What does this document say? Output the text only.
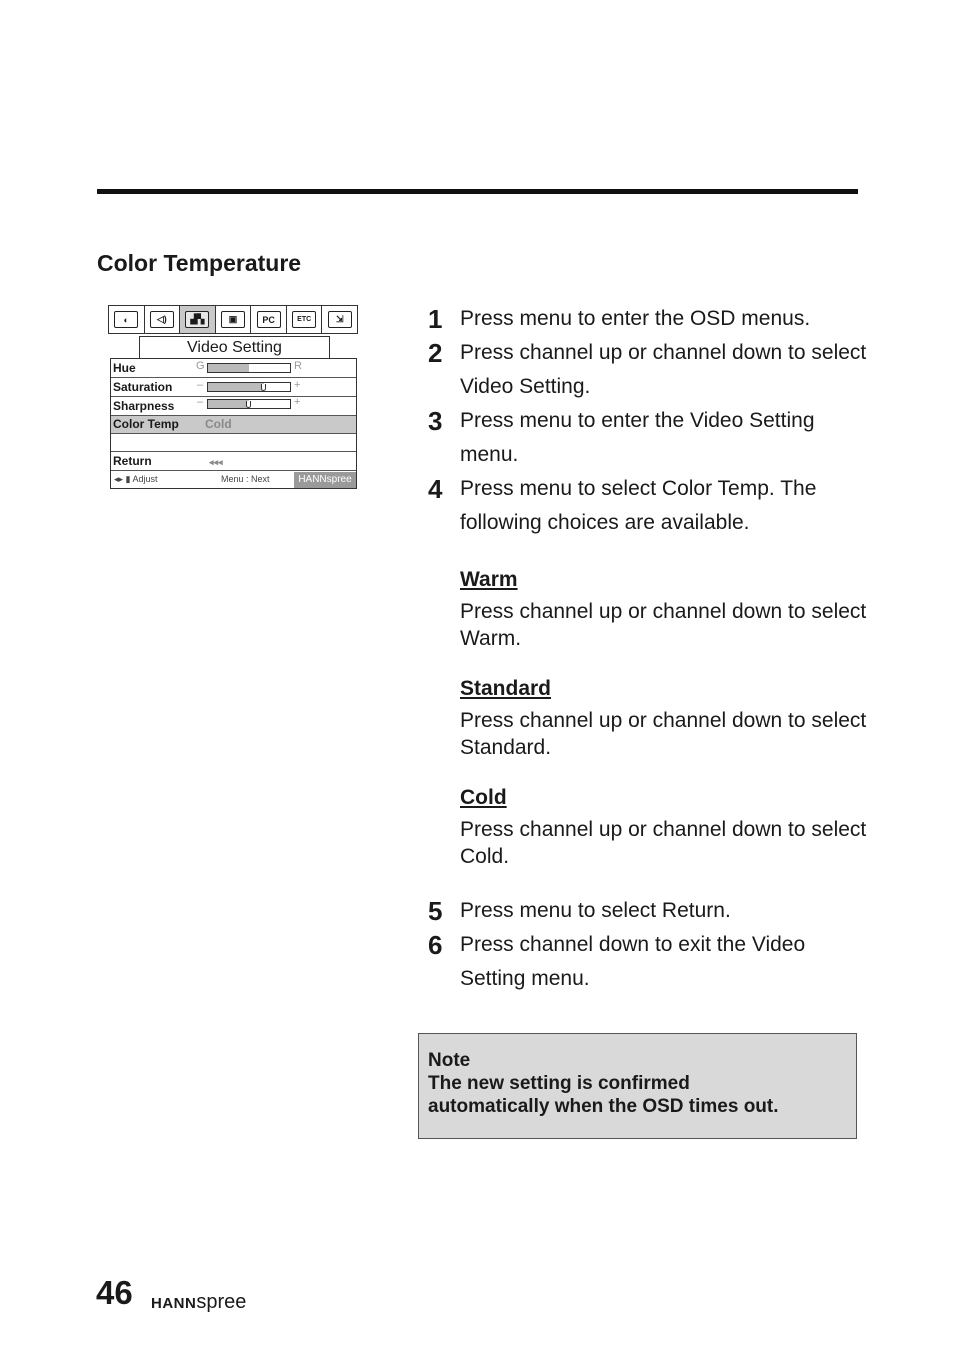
Color Temperature
◐	◁)	▟▚	▣	PC	ETC	⇲
Video Setting
Hue	G	R
Saturation –	+
Sharpness –	+
Color Temp Cold
Return	◂◂◂
◂▸ ▮ Adjust	Menu : Next	HANNspree
1 Press menu to enter the OSD menus.
2 Press channel up or channel down to select Video Setting.
3 Press menu to enter the Video Setting menu.
4 Press menu to select Color Temp. The following choices are available.
Warm
Press channel up or channel down to select Warm.
Standard
Press channel up or channel down to select Standard.
Cold
Press channel up or channel down to select Cold.
5 Press menu to select Return.
6 Press channel down to exit the Video Setting menu.
Note
The new setting is confirmed
automatically when the OSD times out.
46 HANNspree
